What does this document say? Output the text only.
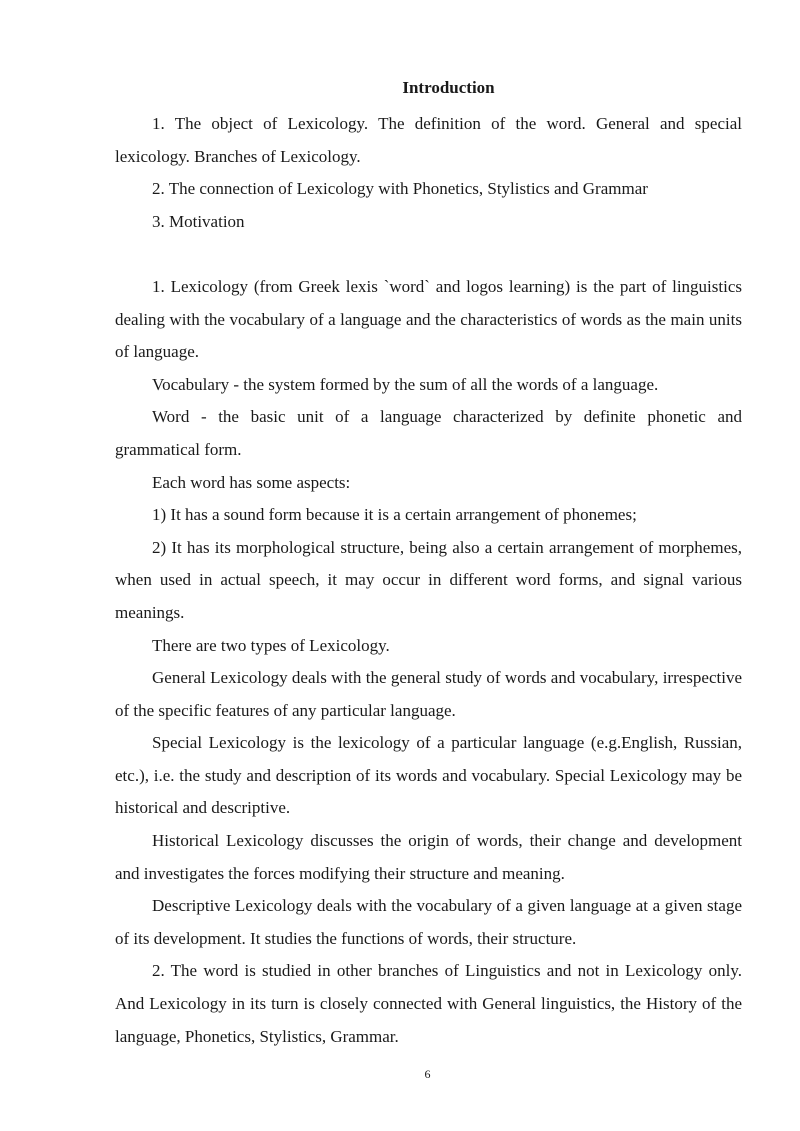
Introduction

1. The object of Lexicology. The definition of the word. General and special lexicology. Branches of Lexicology.

2. The connection of Lexicology with Phonetics, Stylistics and Grammar

3. Motivation

1. Lexicology (from Greek lexis `word` and logos learning) is the part of linguistics dealing with the vocabulary of a language and the characteristics of words as the main units of language.

Vocabulary - the system formed by the sum of all the words of a language.

Word - the basic unit of a language characterized by definite phonetic and grammatical form.

Each word has some aspects:

1) It has a sound form because it is a certain arrangement of phonemes;

2) It has its morphological structure, being also a certain arrangement of morphemes, when used in actual speech, it may occur in different word forms, and signal various meanings.

There are two types of Lexicology.

General Lexicology deals with the general study of words and vocabulary, irrespective of the specific features of any particular language.

Special Lexicology is the lexicology of a particular language (e.g.English, Russian, etc.), i.e. the study and description of its words and vocabulary. Special Lexicology may be historical and descriptive.

Historical Lexicology discusses the origin of words, their change and development and investigates the forces modifying their structure and meaning.

Descriptive Lexicology deals with the vocabulary of a given language at a given stage of its development. It studies the functions of words, their structure.

2. The word is studied in other branches of Linguistics and not in Lexicology only. And Lexicology in its turn is closely connected with General linguistics, the History of the language, Phonetics, Stylistics, Grammar.

6
